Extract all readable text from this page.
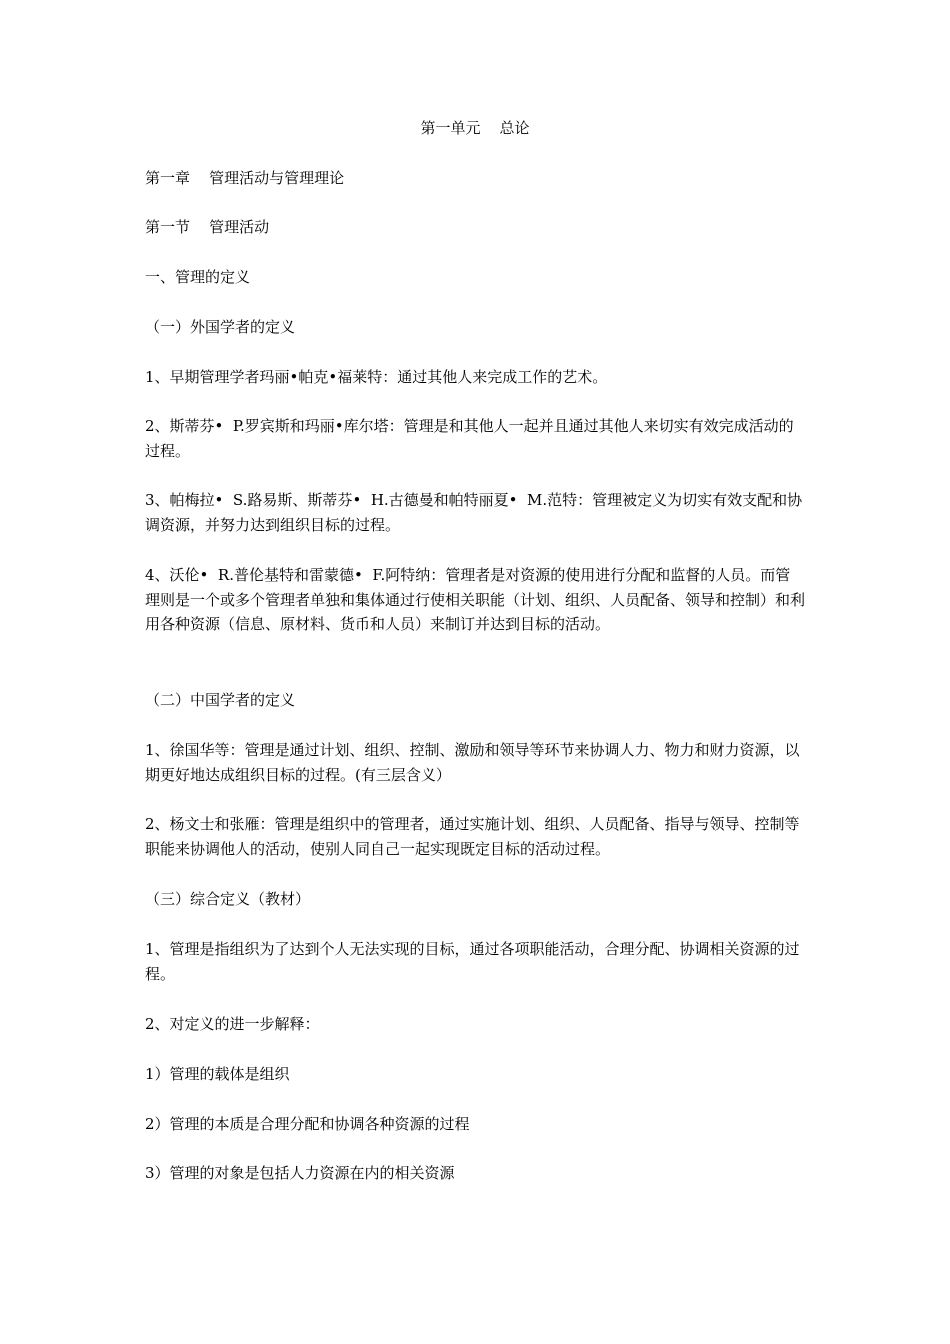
第一单元    总论
第一章    管理活动与管理理论
第一节    管理活动
一、管理的定义
（一）外国学者的定义
1、早期管理学者玛丽•帕克•福莱特：通过其他人来完成工作的艺术。
2、斯蒂芬•  P.罗宾斯和玛丽•库尔塔：管理是和其他人一起并且通过其他人来切实有效完成活动的过程。
3、帕梅拉•  S.路易斯、斯蒂芬•  H.古德曼和帕特丽夏•  M.范特：管理被定义为切实有效支配和协调资源，并努力达到组织目标的过程。
4、沃伦•  R.普伦基特和雷蒙德•  F.阿特纳：管理者是对资源的使用进行分配和监督的人员。而管理则是一个或多个管理者单独和集体通过行使相关职能（计划、组织、人员配备、领导和控制）和利用各种资源（信息、原材料、货币和人员）来制订并达到目标的活动。
（二）中国学者的定义
1、徐国华等：管理是通过计划、组织、控制、激励和领导等环节来协调人力、物力和财力资源，以期更好地达成组织目标的过程。(有三层含义）
2、杨文士和张雁：管理是组织中的管理者，通过实施计划、组织、人员配备、指导与领导、控制等职能来协调他人的活动，使别人同自己一起实现既定目标的活动过程。
（三）综合定义（教材）
1、管理是指组织为了达到个人无法实现的目标，通过各项职能活动，合理分配、协调相关资源的过程。
2、对定义的进一步解释：
1）管理的载体是组织
2）管理的本质是合理分配和协调各种资源的过程
3）管理的对象是包括人力资源在内的相关资源
